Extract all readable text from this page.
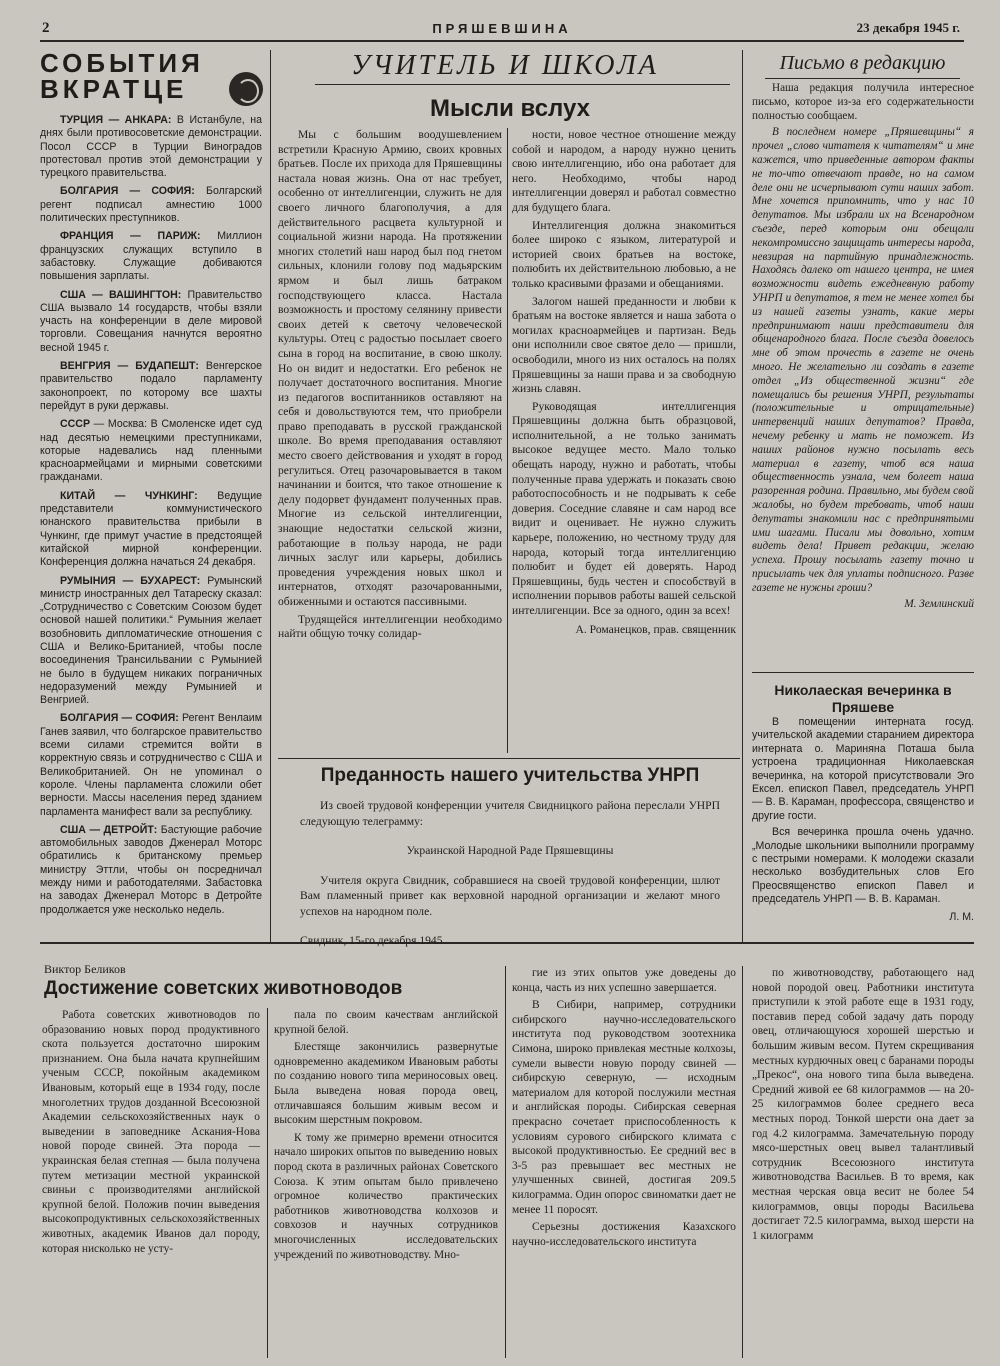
2	ПРЯШЕВШИНА	23 декабря 1945 г.
СОБЫТИЯ
ВКРАТЦЕ

ТУРЦИЯ — АНКАРА: В Истанбуле, на днях были противосоветские демонстрации. Посол СССР в Турции Виноградов протестовал против этой демонстрации у турецкого правительства.

БОЛГАРИЯ — СОФИЯ: Болгарский регент подписал амнестию 1000 политических преступников.

ФРАНЦИЯ — ПАРИЖ: Миллион французских служащих вступило в забастовку. Служащие добиваются повышения зарплаты.

США — ВАШИНГТОН: Правительство США вызвало 14 государств, чтобы взяли участь на конференции в деле мировой торговли. Совещания начнутся вероятно весной 1945 г.

ВЕНГРИЯ — БУДАПЕШТ: Венгерское правительство подало парламенту законопроект, по которому все шахты перейдут в руки державы.

СССР — Москва: В Смоленске идет суд над десятью немецкими преступниками, которые надевались над пленными красноармейцами и мирными советскими гражданами.

КИТАЙ — ЧУНКИНГ: Ведущие представители коммунистического юнанского правительства прибыли в Чункинг, где примут участие в предстоящей китайской мирной конференции. Конференция должна начаться 24 декабря.

РУМЫНИЯ — БУХАРЕСТ: Румынский министр иностранных дел Татареску сказал: „Сотрудничество с Советским Союзом будет основой нашей политики.“ Румыния желает возобновить дипломатические отношения с США и Велико-Британией, чтобы после восоединения Трансильвании с Румынией не было в будущем никаких пограничных недоразумений между Румынией и Венгрией.

БОЛГАРИЯ — СОФИЯ: Регент Венлаим Ганев заявил, что болгарское правительство всеми силами стремится войти в корректную связь и сотрудничество с США и Великобританией. Он не упоминал о короле. Члены парламента сложили обет верности. Массы населения перед зданием парламента манифест вали за республику.

США — ДЕТРОЙТ: Бастующие рабочие автомобильных заводов Дженерал Моторс обратились к британскому премьер министру Эттли, чтобы он посредничал между ними и работодателями. Забастовка на заводах Дженерал Моторс в Детройте продолжается уже несколько недель.

УЧИТЕЛЬ И ШКОЛА
Мысли вслух

Мы с большим воодушевлением встретили Красную Армию, своих кровных братьев. После их прихода для Пряшевщины настала новая жизнь. Она от нас требует, особенно от интеллигенции, служить не для своего личного благополучия, а для действительного расцвета культурной и социальной жизни народа. На протяжении многих столетий наш народ был под гнетом сильных, клонили голову под мадьярским ярмом и был лишь батраком господствующего класса. Настала возможность и простому селянину привести своих детей к светочу человеческой культуры. Отец с радостью посылает своего сына в город на воспитание, в свою школу. Но он видит и недостатки. Его ребенок не получает достаточного воспитания. Многие из педагогов воспитанников оставляют на себя и довольствуются тем, что приобрели право преподавать в русской гражданской школе. Во время преподавания оставляют место своего действования и уходят в город регулиться. Отец разочаровывается в таком начинании и боится, что такое отношение к делу подорвет фундамент полученных прав. Многие из сельской интеллигенции, знающие недостатки сельской жизни, работающие в пользу народа, не ради личных заслуг или карьеры, добились проведения учреждения новых школ и интернатов, отходят разочарованными, обиженными и остаются пассивными.

Трудящейся интеллигенции необходимо найти общую точку солидар-

ности, новое честное отношение между собой и народом, а народу нужно ценить свою интеллигенцию, ибо она работает для него. Необходимо, чтобы народ интеллигенции доверял и работал совместно для будущего блага.

Интеллигенция должна знакомиться более широко с языком, литературой и историей своих братьев на востоке, полюбить их действительною любовью, а не только красивыми фразами и обещаниями.

Залогом нашей преданности и любви к братьям на востоке является и наша забота о могилах красноармейцев и партизан. Ведь они исполнили свое святое дело — пришли, освободили, много из них осталось на полях Пряшевщины за наши права и за свободную жизнь славян.

Руководящая интеллигенция Пряшевщины должна быть образцовой, исполнительной, а не только занимать высокое ведущее место. Мало только обещать народу, нужно и работать, чтобы полученные права удержать и показать свою работоспособность и не подрывать к себе доверия. Соседние славяне и сам народ все видит и оценивает. Не нужно служить карьере, положению, но честному труду для народа, который тогда интеллигенцию полюбит и будет ей доверять. Народ Пряшевщины, будь честен и способствуй в исполнении порывов работы вашей сельской интеллигенции. Все за одного, один за всех!

А. Романецков, прав. священник

Преданность нашего учительства УНРП

Из своей трудовой конференции учителя Свидницкого района переслали УНРП следующую телеграмму:

Украинской Народной Раде Пряшевщины

Учителя округа Свидник, собравшиеся на своей трудовой конференции, шлют Вам пламенный привет как верховной народной организации и желают много успехов на народном поле.

Свидник, 15-го декабря 1945

Письмо в редакцию

Наша редакция получила интересное письмо, которое из-за его содержательности полностью сообщаем.

В последнем номере „Пряшевщины“ я прочел „слово читателя к читателям“ и мне кажется, что приведенные автором факты не то-что отвечают правде, но на самом деле они не исчерпывают сути наших забот. Мне хочется припомнить, что у нас 10 депутатов. Мы избрали их на Всенародном съезде, перед которым они обещали некомпромиссно защищать интересы народа, невзирая на партийную принадлежность. Находясь далеко от нашего центра, не имея возможности видеть ежедневную работу УНРП и депутатов, я тем не менее хотел бы из нашей газеты узнать, какие меры предпринимают наши представители для общенародного блага. После съезда довелось мне об этом прочесть в газете не очень много. Не желательно ли создать в газете отдел „Из общественной жизни“ где помещались бы решения УНРП, результаты (положительные и отрицательные) интервенций наших депутатов? Правда, нечему ребенку и мать не поможет. Из наших районов нужно посылать весь материал в газету, чтоб вся наша общественность узнала, чем болеет наша разоренная родина. Правильно, мы будем свой жалобы, но будем требовать, чтоб наши депутаты знакомили нас с предпринятыми ими шагами. Писали мы довольно, хотим видеть дела! Привет редакции, желаю успеха. Прошу посылать газету точно и присылать чек для уплаты подписного. Разве газете не нужны гроши?

М. Землинский

Николаеская вечеринка в Пряшеве

В помещении интерната госуд. учительской академии старанием директора интерната о. Мариняна Поташа была устроена традиционная Николаевская вечеринка, на которой присутствовали Эго Ексел. епископ Павел, председатель УНРП — В. В. Караман, профессора, священство и другие гости.

Вся вечеринка прошла очень удачно. „Молодые школьники выполнили программу с пестрыми номерами. К молодежи сказали несколько возбудительных слов Его Преосвященство епископ Павел и председатель УНРП — В. В. Караман.

Л. М.

Виктор Беликов
Достижение советских животноводов

Работа советских животноводов по образованию новых пород продуктивного скота пользуется достаточно широким признанием. Она была начата крупнейшим ученым СССР, покойным академиком Ивановым, который еще в 1934 году, после многолетних трудов дозданной Всесоюзной Академии сельскохозяйственных наук о выведении в заповеднике Аскания-Нова новой породе свиней. Эта порода — украинская белая степная — была получена путем метизации местной украинской свиньи с производителями английской крупной белой. Положив почин выведения высокопродуктивных сельскохозяйственных животных, академик Иванов дал породу, которая нисколько не усту-

пала по своим качествам английской крупной белой.

Блестяще закончились развернутые одновременно академиком Ивановым работы по созданию нового типа мериносовых овец. Была выведена новая порода овец, отличавшаяся большим живым весом и высоким шерстным покровом.

К тому же примерно времени относится начало широких опытов по выведению новых пород скота в различных районах Советского Союза. К этим опытам было привлечено огромное количество практических работников животноводства колхозов и совхозов и научных сотрудников многочисленных исследовательских учреждений по животноводству. Мно-

гие из этих опытов уже доведены до конца, часть из них успешно завершается.

В Сибири, например, сотрудники сибирского научно-исследовательского института под руководством зоотехника Симона, широко привлекая местные колхозы, сумели вывести новую породу свиней — сибирскую северную, — исходным материалом для которой послужили местная и английская породы. Сибирская северная прекрасно сочетает приспособленность к условиям сурового сибирского климата с высокой продуктивностью. Ее средний вес в 3-5 раз превышает вес местных не улучшенных свиней, достигая 209.5 килограмма. Один опорос свиноматки дает не менее 11 поросят.

Серьезны достижения Казахского научно-исследовательского института

по животноводству, работающего над новой породой овец. Работники института приступили к этой работе еще в 1931 году, поставив перед собой задачу дать породу овец, отличающуюся хорошей шерстью и большим живым весом. Путем скрещивания местных курдючных овец с баранами породы „Прекос“, она нового типа была выведена. Средний живой ее 68 килограммов — на 20-25 килограммов более среднего веса местных пород. Тонкой шерсти она дает за год 4.2 килограмма. Замечательную породу мясо-шерстных овец вывел талантливый сотрудник Всесоюзного института животноводства Васильев. В то время, как местная черская овца весит не более 54 килограммов, овцы породы Васильева достигает 72.5 килограмма, выход шерсти на 1 килограмм
